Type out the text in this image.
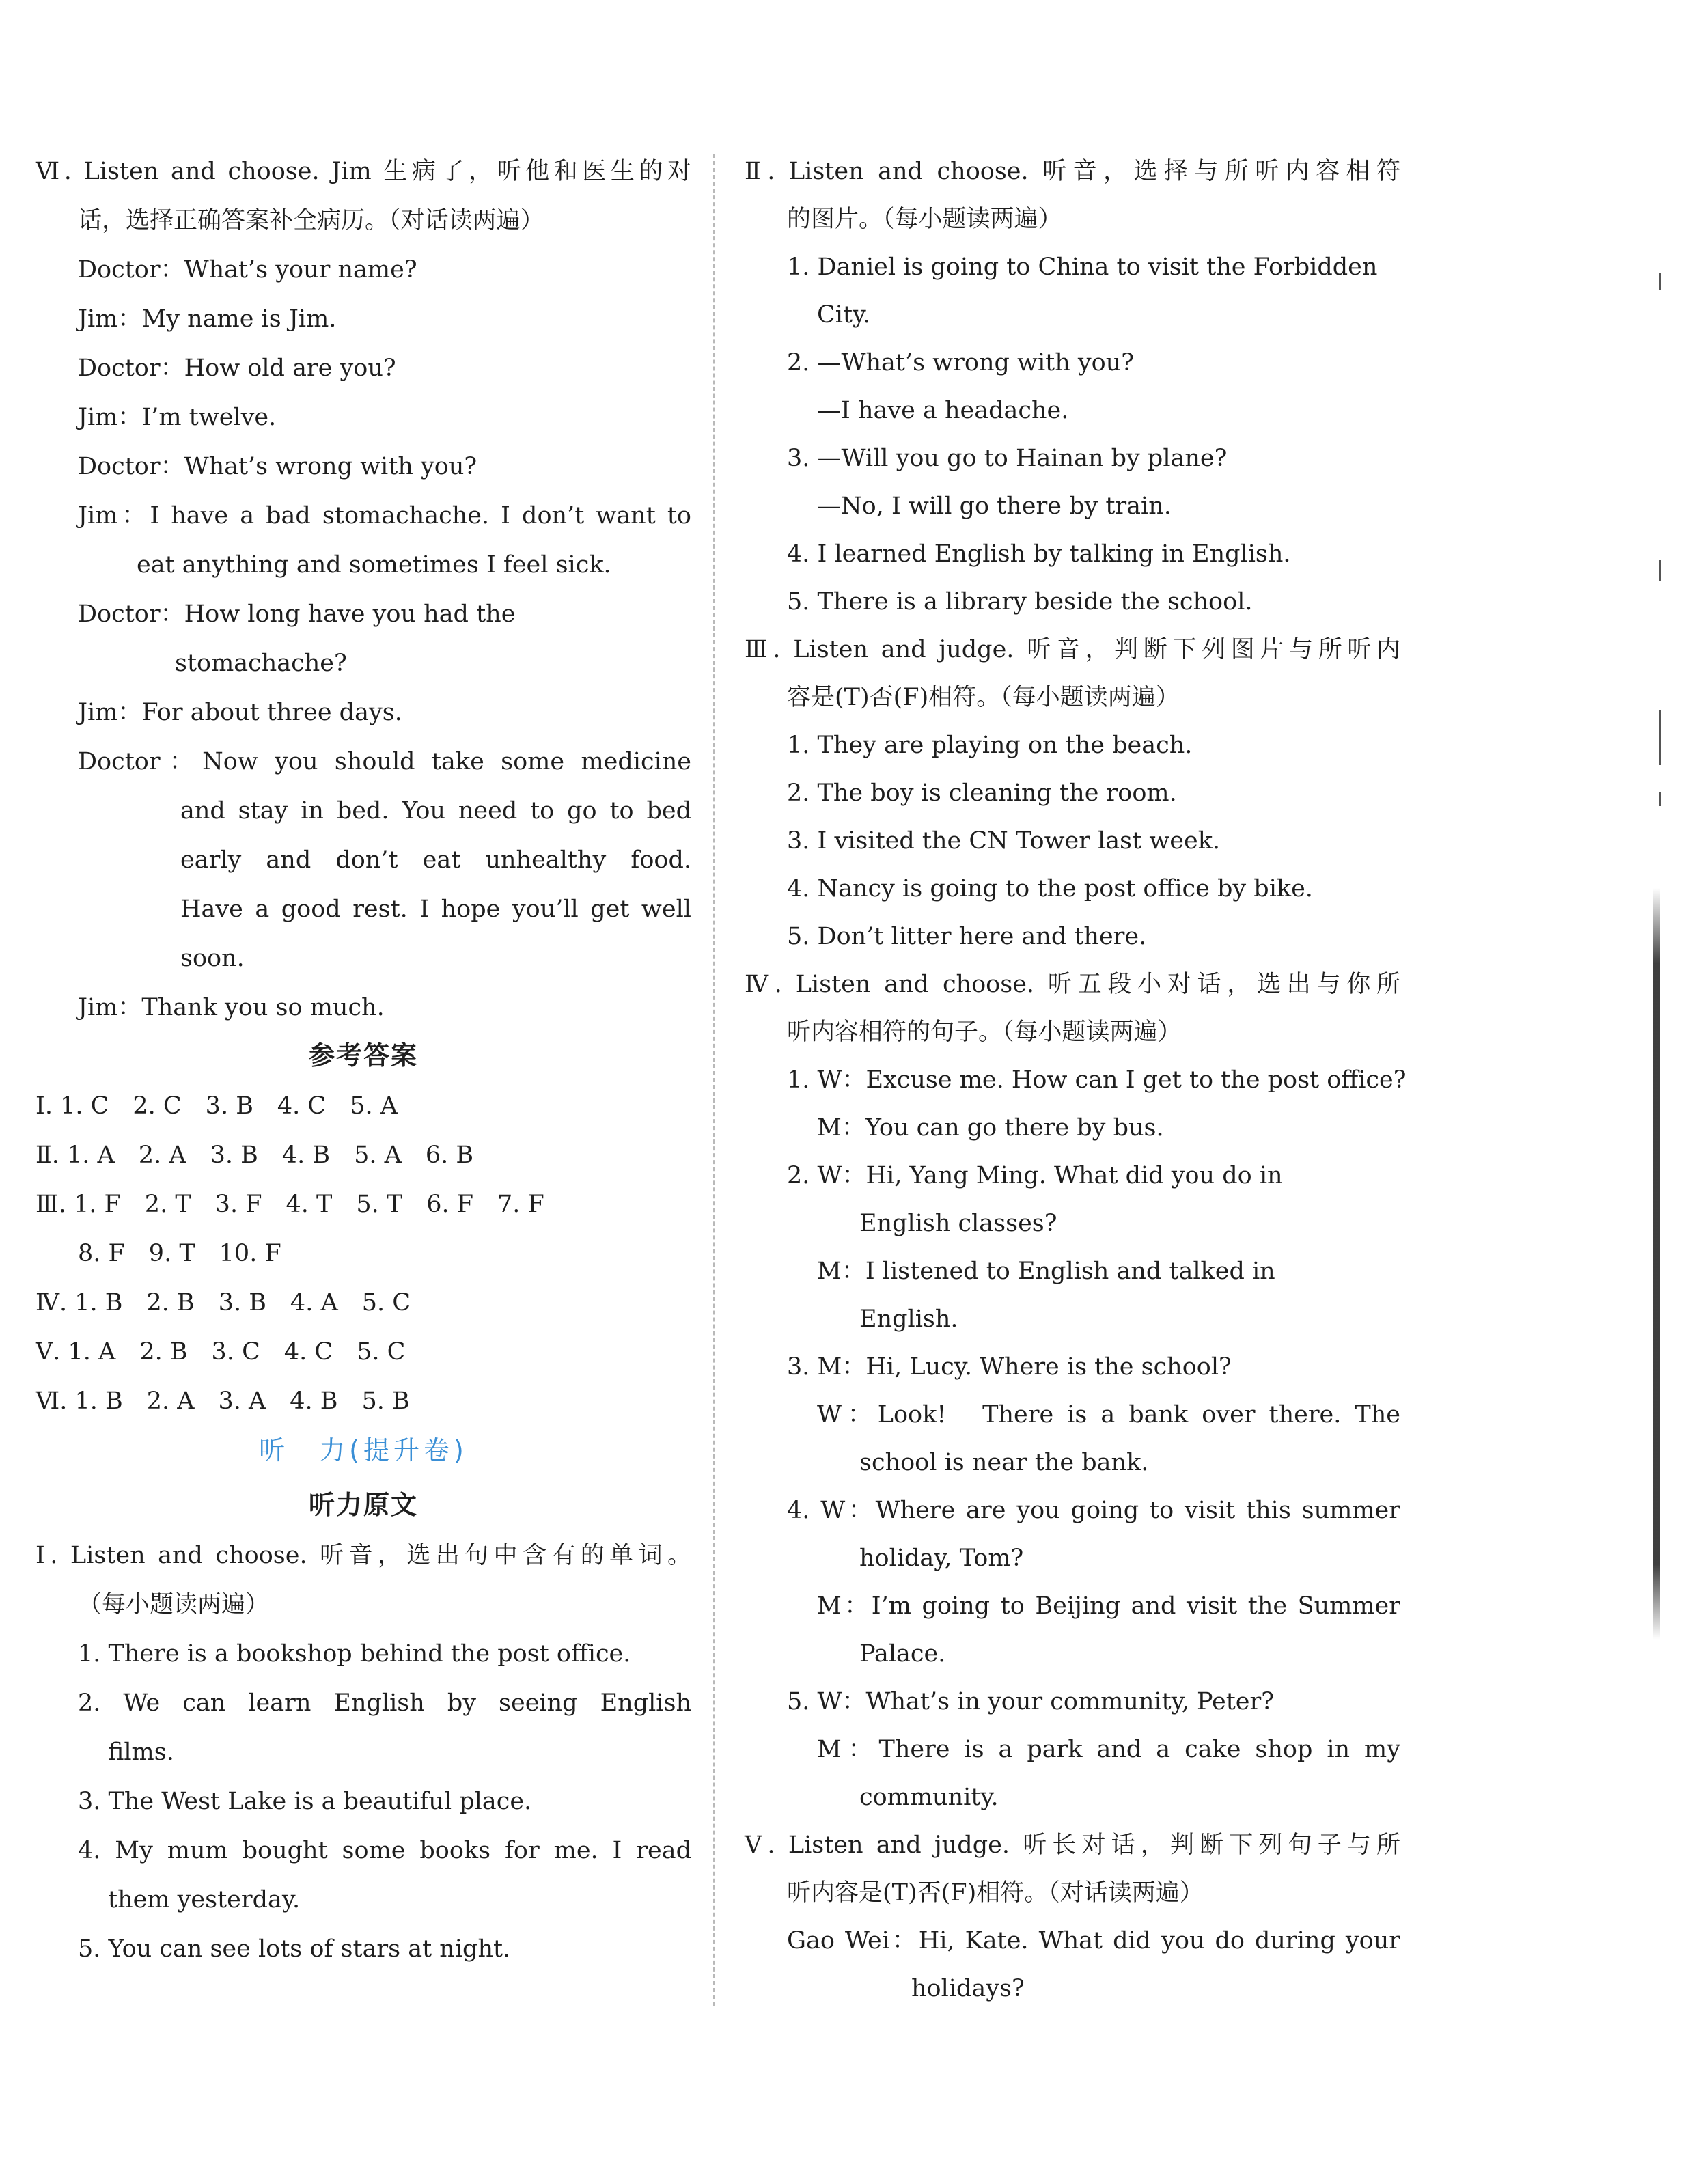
Ⅵ. Listen and choose. Jim 生病了，听他和医生的对
话，选择正确答案补全病历。（对话读两遍）
Doctor：What’s your name?
Jim：My name is Jim.
Doctor：How old are you?
Jim：I’m twelve.
Doctor：What’s wrong with you?
Jim：I have a bad stomachache. I don’t want to
eat anything and sometimes I feel sick.
Doctor：How long have you had the
stomachache?
Jim：For about three days.
Doctor：Now you should take some medicine
and stay in bed. You need to go to bed
early and don’t eat unhealthy food.
Have a good rest. I hope you’ll get well
soon.
Jim：Thank you so much.
参考答案
Ⅰ. 1. C　2. C　3. B　4. C　5. A
Ⅱ. 1. A　2. A　3. B　4. B　5. A　6. B
Ⅲ. 1. F　2. T　3. F　4. T　5. T　6. F　7. F
8. F　9. T　10. F
Ⅳ. 1. B　2. B　3. B　4. A　5. C
Ⅴ. 1. A　2. B　3. C　4. C　5. C
Ⅵ. 1. B　2. A　3. A　4. B　5. B
听　力(提升卷)
听力原文
Ⅰ. Listen and choose. 听音，选出句中含有的单词。
（每小题读两遍）
1. There is a bookshop behind the post office.
2. We can learn English by seeing English
films.
3. The West Lake is a beautiful place.
4. My mum bought some books for me. I read
them yesterday.
5. You can see lots of stars at night.
Ⅱ. Listen and choose. 听音，选择与所听内容相符
的图片。（每小题读两遍）
1. Daniel is going to China to visit the Forbidden
City.
2. —What’s wrong with you?
—I have a headache.
3. —Will you go to Hainan by plane?
—No, I will go there by train.
4. I learned English by talking in English.
5. There is a library beside the school.
Ⅲ. Listen and judge. 听音，判断下列图片与所听内
容是(T)否(F)相符。（每小题读两遍）
1. They are playing on the beach.
2. The boy is cleaning the room.
3. I visited the CN Tower last week.
4. Nancy is going to the post office by bike.
5. Don’t litter here and there.
Ⅳ. Listen and choose. 听五段小对话，选出与你所
听内容相符的句子。（每小题读两遍）
1. W：Excuse me. How can I get to the post office?
M：You can go there by bus.
2. W：Hi, Yang Ming. What did you do in
English classes?
M：I listened to English and talked in
English.
3. M：Hi, Lucy. Where is the school?
W：Look!　There is a bank over there. The
school is near the bank.
4. W：Where are you going to visit this summer
holiday, Tom?
M：I’m going to Beijing and visit the Summer
Palace.
5. W：What’s in your community, Peter?
M：There is a park and a cake shop in my
community.
Ⅴ. Listen and judge. 听长对话，判断下列句子与所
听内容是(T)否(F)相符。（对话读两遍）
Gao Wei：Hi, Kate. What did you do during your
holidays?
